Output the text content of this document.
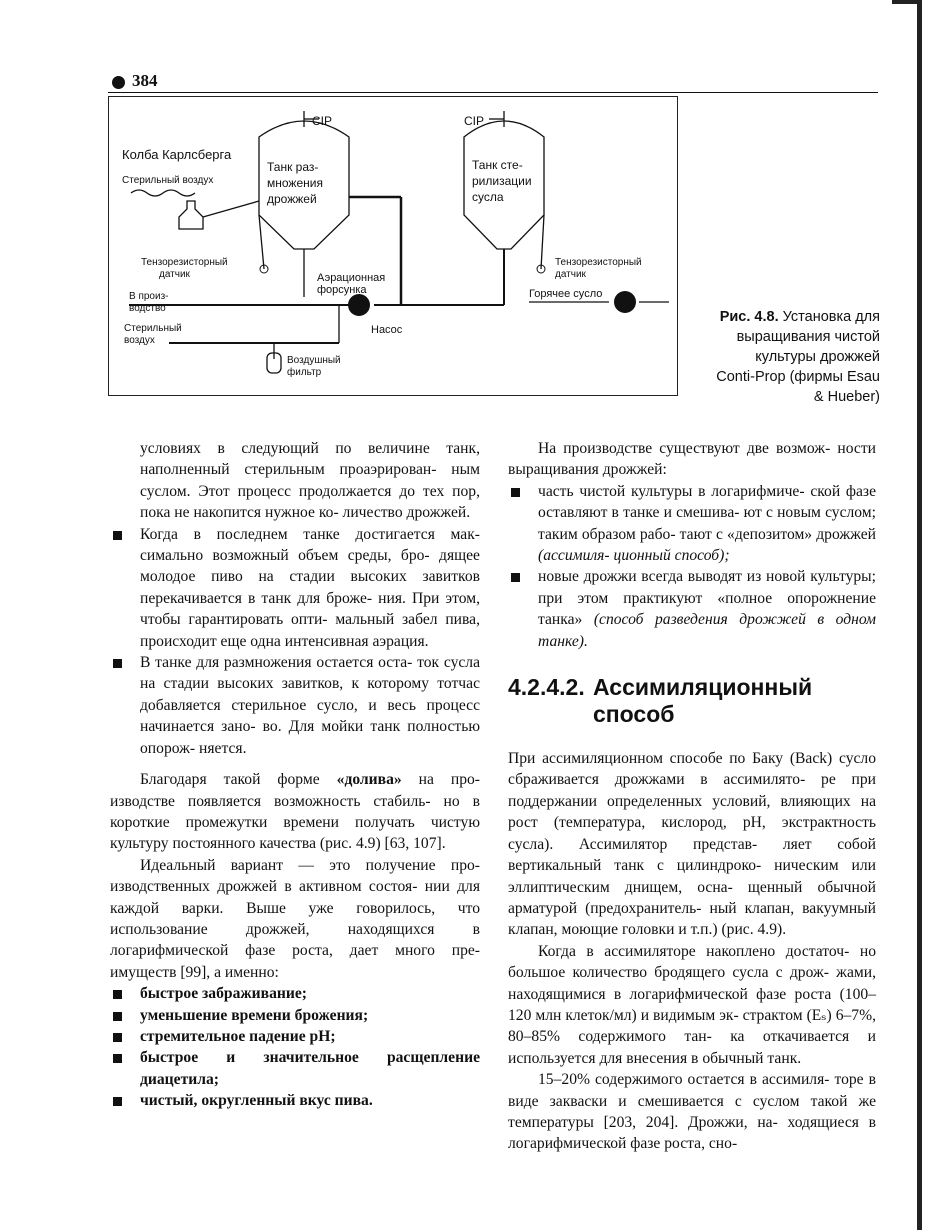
384
CIP	CIP
Колба Карлсберга
Стерильный воздух
Танк раз-
множения
дрожжей
Танк сте-
рилизации
сусла
Тензорезисторный
датчик
Тензорезисторный
датчик
Аэрационная
форсунка
В произ-
водство
Стерильный
воздух
Горячее сусло
Насос
Воздушный
фильтр
Рис. 4.8. Установка для
выращивания чистой
культуры дрожжей
Conti-Prop (фирмы Esau
& Hueber)

условиях в следующий по величине танк, наполненный стерильным проаэрирован- ным суслом. Этот процесс продолжается до тех пор, пока не накопится нужное ко- личество дрожжей.

Когда в последнем танке достигается мак- симально возможный объем среды, бро- дящее молодое пиво на стадии высоких завитков перекачивается в танк для броже- ния. При этом, чтобы гарантировать опти- мальный забел пива, происходит еще одна интенсивная аэрация.

В танке для размножения остается оста- ток сусла на стадии высоких завитков, к которому тотчас добавляется стерильное сусло, и весь процесс начинается зано- во. Для мойки танк полностью опорож- няется.

Благодаря такой форме «долива» на про- изводстве появляется возможность стабиль- но в короткие промежутки времени получать чистую культуру постоянного качества (рис. 4.9) [63, 107].

Идеальный вариант — это получение про- изводственных дрожжей в активном состоя- нии для каждой варки. Выше уже говорилось, что использование дрожжей, находящихся в логарифмической фазе роста, дает много пре- имуществ [99], а именно:

быстрое забраживание;

уменьшение времени брожения;

стремительное падение pH;

быстрое и значительное расщепление диацетила;

чистый, округленный вкус пива.

На производстве существуют две возмож- ности выращивания дрожжей:

часть чистой культуры в логарифмиче- ской фазе оставляют в танке и смешива- ют с новым суслом; таким образом рабо- тают с «депозитом» дрожжей (ассимиля- ционный способ);

новые дрожжи всегда выводят из новой культуры; при этом практикуют «полное опорожнение танка» (способ разведения дрожжей в одном танке).

4.2.4.2. Ассимиляционный
способ

При ассимиляционном способе по Баку (Back) сусло сбраживается дрожжами в ассимилято- ре при поддержании определенных условий, влияющих на рост (температура, кислород, pH, экстрактность сусла). Ассимилятор представ- ляет собой вертикальный танк с цилиндроко- ническим или эллиптическим днищем, осна- щенный обычной арматурой (предохранитель- ный клапан, вакуумный клапан, моющие головки и т.п.) (рис. 4.9).

Когда в ассимиляторе накоплено достаточ- но большое количество бродящего сусла с дрож- жами, находящимися в логарифмической фазе роста (100–120 млн клеток/мл) и видимым эк- страктом (Eₛ) 6–7%, 80–85% содержимого тан- ка откачивается и используется для внесения в обычный танк.

15–20% содержимого остается в ассимиля- торе в виде закваски и смешивается с суслом такой же температуры [203, 204]. Дрожжи, на- ходящиеся в логарифмической фазе роста, сно-
